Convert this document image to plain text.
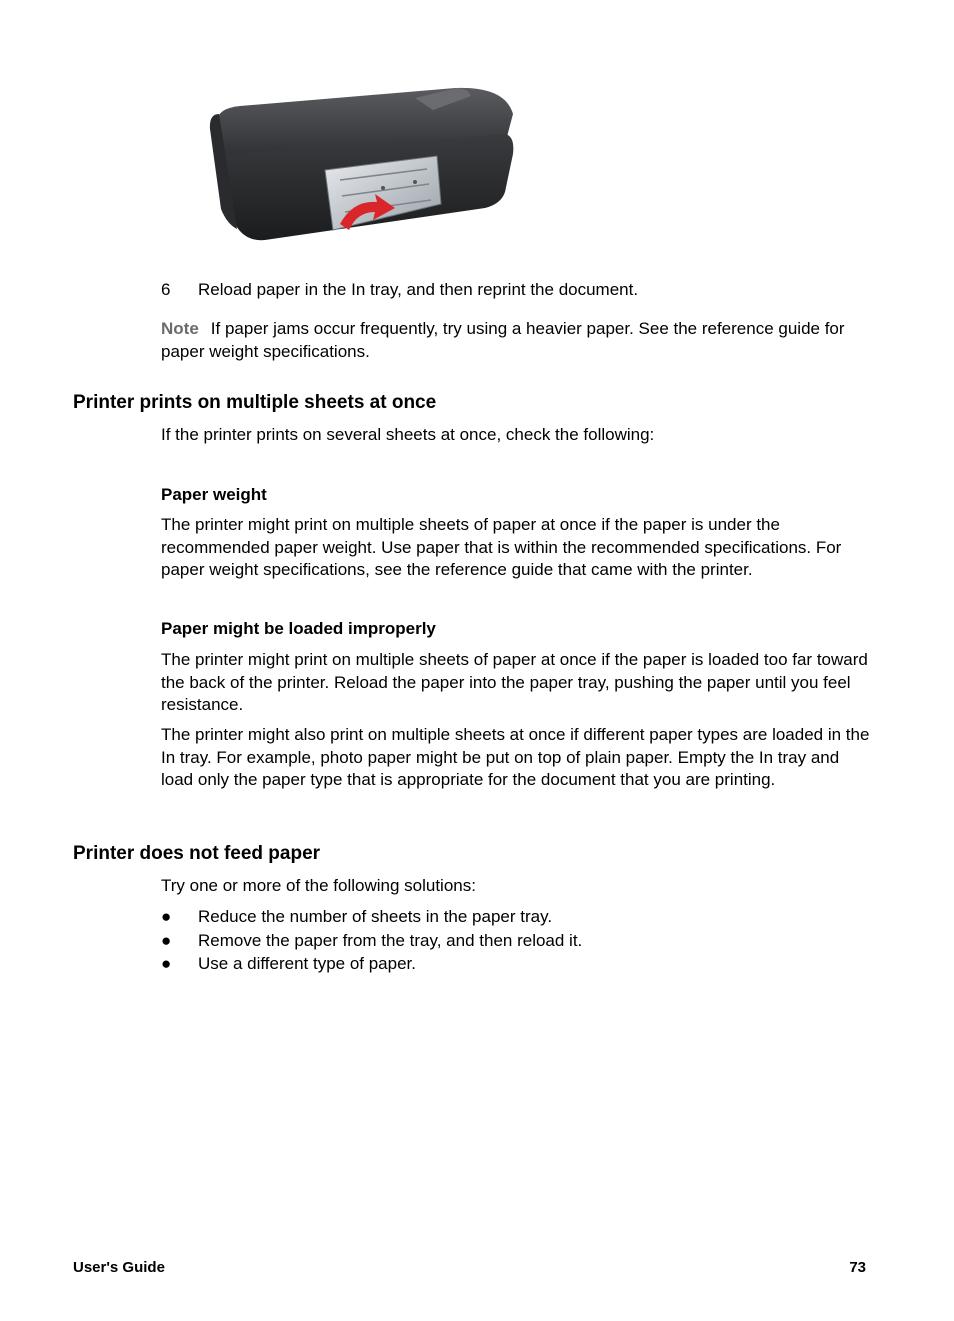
6 Reload paper in the In tray, and then reprint the document.

Note If paper jams occur frequently, try using a heavier paper. See the reference guide for paper weight specifications.

Printer prints on multiple sheets at once

If the printer prints on several sheets at once, check the following:

Paper weight

The printer might print on multiple sheets of paper at once if the paper is under the recommended paper weight. Use paper that is within the recommended specifications. For paper weight specifications, see the reference guide that came with the printer.

Paper might be loaded improperly

The printer might print on multiple sheets of paper at once if the paper is loaded too far toward the back of the printer. Reload the paper into the paper tray, pushing the paper until you feel resistance.

The printer might also print on multiple sheets at once if different paper types are loaded in the In tray. For example, photo paper might be put on top of plain paper. Empty the In tray and load only the paper type that is appropriate for the document that you are printing.

Printer does not feed paper

Try one or more of the following solutions:

● Reduce the number of sheets in the paper tray.
● Remove the paper from the tray, and then reload it.
● Use a different type of paper.
User's Guide	73
